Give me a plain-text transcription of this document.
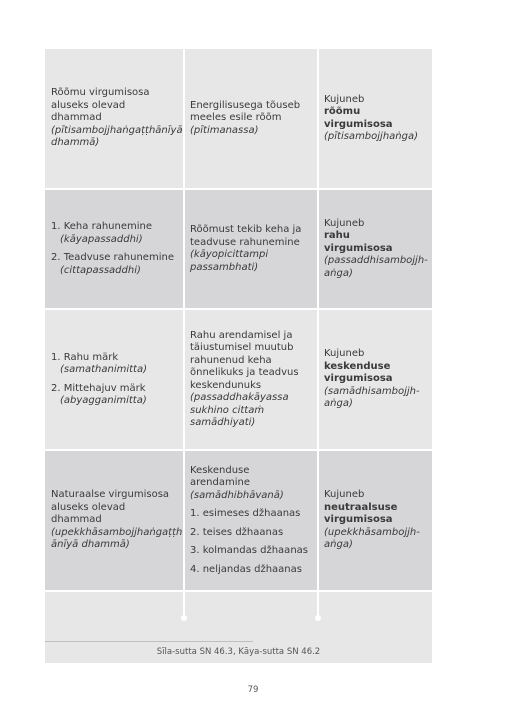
Rõõmu virgumisosa
aluseks olevad dhammad
(pītisambojjhaṅgaṭṭhānīyā dhammā)
Energilisusega tõuseb
meeles esile rõõm
(pītimanassa)
Kujuneb
rõõmu
virgumisosa
(pītisambojjhaṅga)
1. Keha rahunemine
(kāyapassaddhi)
2. Teadvuse rahunemine
(cittapassaddhi)
Rõõmust tekib keha ja
teadvuse rahunemine
(kāyopicittampi
passambhati)
Kujuneb
rahu
virgumisosa
(passaddhisambojjh-
aṅga)
1. Rahu märk
(samathanimitta)
2. Mittehajuv märk
(abyagganimitta)
Rahu arendamisel ja
täiustumisel muutub
rahunenud keha
õnnelikuks ja teadvus
keskendunuks
(passaddhakāyassa
sukhino cittaṁ
samādhiyati)
Kujuneb
keskenduse
virgumisosa
(samādhisambojjh-
aṅga)
Naturaalse virgumisosa
aluseks olevad dhammad
(upekkhāsambojjhaṅgaṭṭh
ānīyā dhammā)
Keskenduse arendamine
(samādhibhāvanā)
1. esimeses džhaanas
2. teises džhaanas
3. kolmandas džhaanas
4. neljandas džhaanas
Kujuneb
neutraalsuse
virgumisosa
(upekkhāsambojjh-
aṅga)
Sīla-sutta SN 46.3, Kāya-sutta SN 46.2
79
